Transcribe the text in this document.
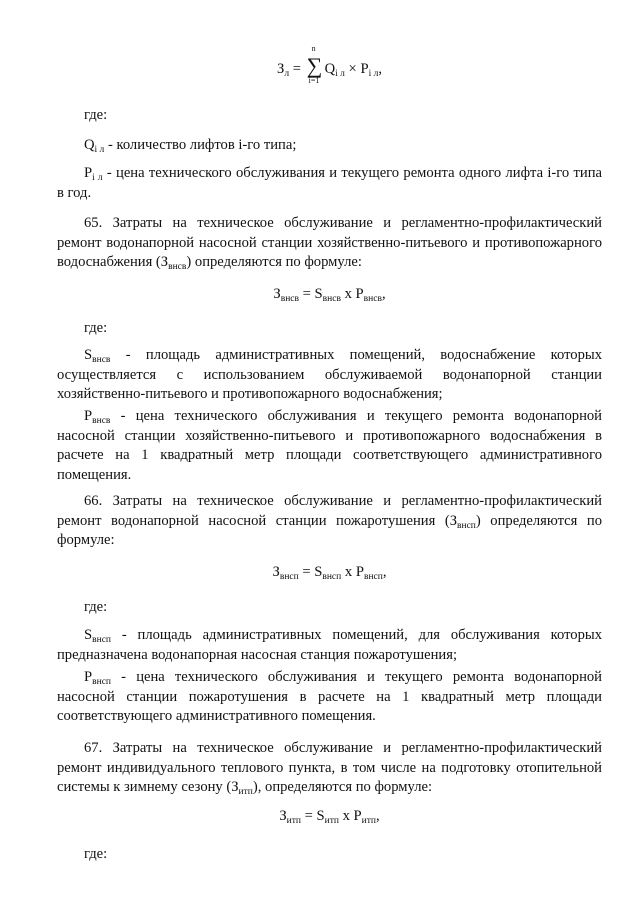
$З_л$ =
n
∑
i=1
$Q_{i л} \times P_{i л}$,
где:
$Q_{i л}$ - количество лифтов i-го типа;
$P_{i л}$ - цена технического обслуживания и текущего ремонта одного лифта i-го типа в год.
65. Затраты на техническое обслуживание и регламентно-профилактический ремонт водонапорной насосной станции хозяйственно-питьевого и противопожарного водоснабжения $(З_{внсв})$ определяются по формуле:
$З_{внсв} = S_{внсв}$ x $P_{внсв}$,
где:
$S_{внсв}$ - площадь административных помещений, водоснабжение которых осуществляется с использованием обслуживаемой водонапорной станции хозяйственно-питьевого и противопожарного водоснабжения;
$P_{внсв}$ - цена технического обслуживания и текущего ремонта водонапорной насосной станции хозяйственно-питьевого и противопожарного водоснабжения в расчете на 1 квадратный метр площади соответствующего административного помещения.
66. Затраты на техническое обслуживание и регламентно-профилактический ремонт водонапорной насосной станции пожаротушения $(З_{внсп})$ определяются по формуле:
$З_{внсп} = S_{внсп}$ x $P_{внсп}$,
где:
$S_{внсп}$ - площадь административных помещений, для обслуживания которых предназначена водонапорная насосная станция пожаротушения;
$P_{внсп}$ - цена технического обслуживания и текущего ремонта водонапорной насосной станции пожаротушения в расчете на 1 квадратный метр площади соответствующего административного помещения.
67. Затраты на техническое обслуживание и регламентно-профилактический ремонт индивидуального теплового пункта, в том числе на подготовку отопительной системы к зимнему сезону $(З_{итп})$, определяются по формуле:
$З_{итп} = S_{итп}$ x $P_{итп}$,
где:
